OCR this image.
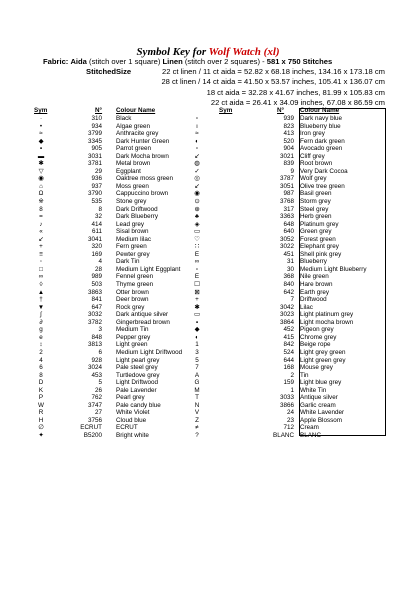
Symbol Key for Wolf Watch (xl)
Fabric: Aida (stitch over 1 square) Linen (stitch over 2 squares) - 581 x 750 Stitches
StitchedSize	22 ct linen / 11 ct aida = 52.82 x 68.18 inches, 134.16 x 173.18 cm
28 ct linen / 14 ct aida = 41.50 x 53.57 inches, 105.41 x 136.07 cm
18 ct aida = 32.28 x 41.67 inches, 81.99 x 105.83 cm
22 ct aida = 26.41 x 34.09 inches, 67.08 x 86.59 cm
Sym	N° Colour Name	Sym	N°	Colour Name
·	310 Black
•	934 Algae green
≈	3799 Anthracite grey
◆	3345 Dark Hunter Green
▪	905 Parrot green
▬	3031 Dark Mocha brown
✱	3781 Metal brown
▽	29 Eggplant
◉	936 Oaktree moss green
⌂	937 Moss green
Ω	3790 Cappuccino brown
※	535 Stone grey
8	8 Dark Driftwood
=	32 Dark Blueberry
♪	414 Lead grey
«	611 Sisal brown
↙	3041 Medium lilac
+	320 Fern green
≡	169 Pewter grey
◦	4 Dark Tin
□	28 Medium Light Eggplant
∞	989 Fennel green
◊	503 Thyme green
▲	3863 Otter brown
†	841 Deer brown
▼	647 Rock grey
∫	3032 Dark antique silver
∂	3782 Gingerbread brown
g	3 Medium Tin
e	848 Pepper grey
↕	3813 Light green
2	6 Medium Light Driftwood
4	928 Light pearl grey
6	3024 Pale steel grey
8	453 Turtledove grey
D	5 Light Driftwood
K	26 Pale Lavender
P	762 Pearl grey
W	3747 Pale candy blue
R	27 White Violet
H	3756 Cloud blue
∅	ECRUT ECRUT
✦	B5200 Bright white
▫	939 Dark navy blue
ı	823 Blueberry blue
≈	413 Iron grey
◐	520 Fern dark green
▫	904 Avocado green
↙	3021 Cliff grey
◍	839 Root brown
✓	9 Very Dark Cocoa
◎	3787 Wolf grey
↙	3051 Olive tree green
◉	987 Basil green
⊙	3768 Storm grey
⊕	317 Steel grey
♣	3363 Herb green
◈	648 Platinum grey
▭	640 Green grey
♡	3052 Forest green
∷	3022 Elephant grey
Ε	451 Shell pink grey
∞	31 Blueberry
▫	30 Medium Light Blueberry
Ε	368 Nile green
☐	840 Hare brown
⊠	642 Earth grey
+	7 Driftwood
✱	3042 Lilac
▭	3023 Light platinum grey
▪	3864 Light mocha brown
◆	452 Pigeon grey
◐	415 Chrome grey
1	842 Beige rope
3	524 Light grey green
5	644 Light green grey
7	168 Mouse grey
A	2 Tin
G	159 Light blue grey
M	1 White Tin
T	3033 Antique silver
N	3866 Garlic cream
V	24 White Lavender
Z	23 Apple Blossom
≠	712 Cream
?	BLANC BLANC
